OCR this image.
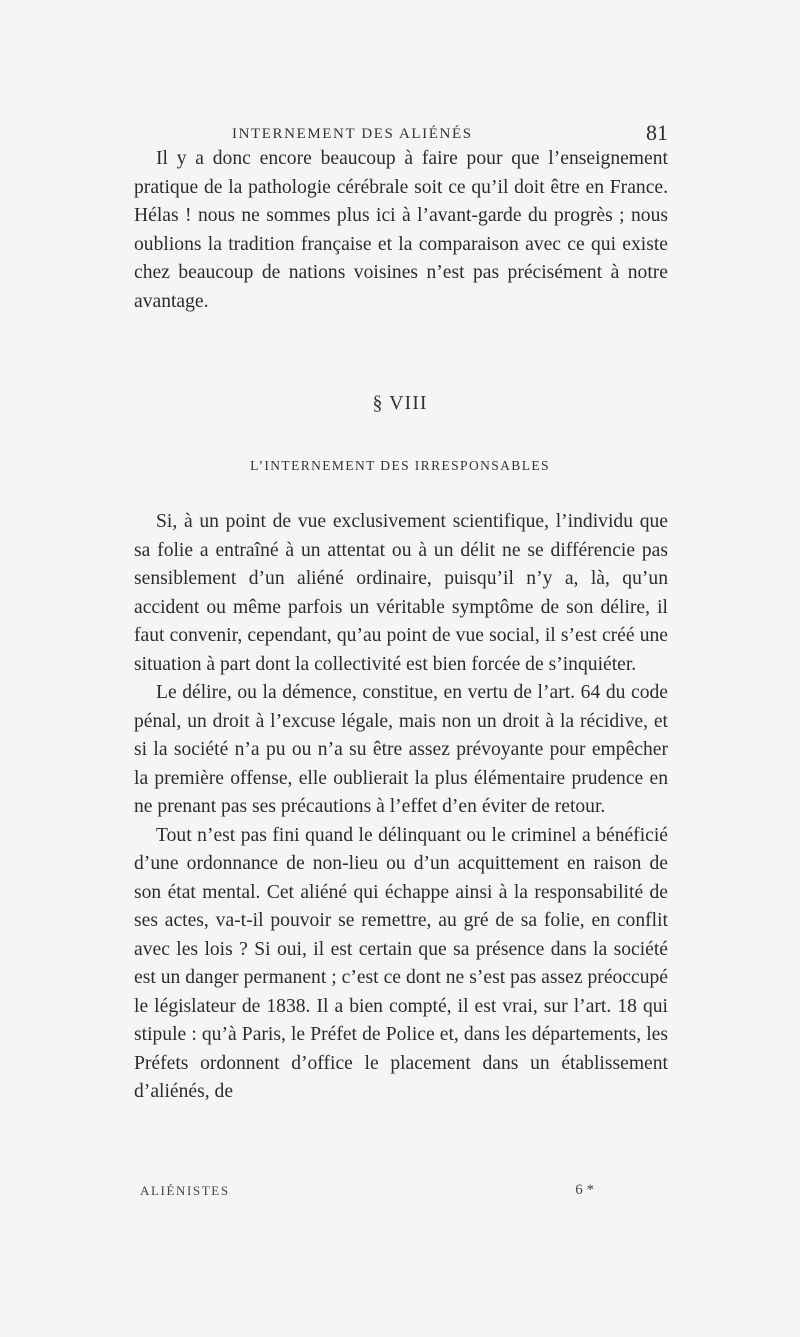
INTERNEMENT DES ALIÉNÉS	81

Il y a donc encore beaucoup à faire pour que l’enseignement pratique de la pathologie cérébrale soit ce qu’il doit être en France. Hélas ! nous ne sommes plus ici à l’avant-garde du progrès ; nous oublions la tradition française et la comparaison avec ce qui existe chez beaucoup de nations voisines n’est pas précisément à notre avantage.

§ VIII
L’INTERNEMENT DES IRRESPONSABLES

Si, à un point de vue exclusivement scientifique, l’individu que sa folie a entraîné à un attentat ou à un délit ne se différencie pas sensiblement d’un aliéné ordinaire, puisqu’il n’y a, là, qu’un accident ou même parfois un véritable symptôme de son délire, il faut convenir, cependant, qu’au point de vue social, il s’est créé une situation à part dont la collectivité est bien forcée de s’inquiéter.

Le délire, ou la démence, constitue, en vertu de l’art. 64 du code pénal, un droit à l’excuse légale, mais non un droit à la récidive, et si la société n’a pu ou n’a su être assez prévoyante pour empêcher la première offense, elle oublierait la plus élémentaire prudence en ne prenant pas ses précautions à l’effet d’en éviter de retour.

Tout n’est pas fini quand le délinquant ou le criminel a bénéficié d’une ordonnance de non-lieu ou d’un acquittement en raison de son état mental. Cet aliéné qui échappe ainsi à la responsabilité de ses actes, va-t-il pouvoir se remettre, au gré de sa folie, en conflit avec les lois ? Si oui, il est certain que sa présence dans la société est un danger permanent ; c’est ce dont ne s’est pas assez préoccupé le législateur de 1838. Il a bien compté, il est vrai, sur l’art. 18 qui stipule : qu’à Paris, le Préfet de Police et, dans les départements, les Préfets ordonnent d’office le placement dans un établissement d’aliénés, de

ALIÉNISTES	6 *
